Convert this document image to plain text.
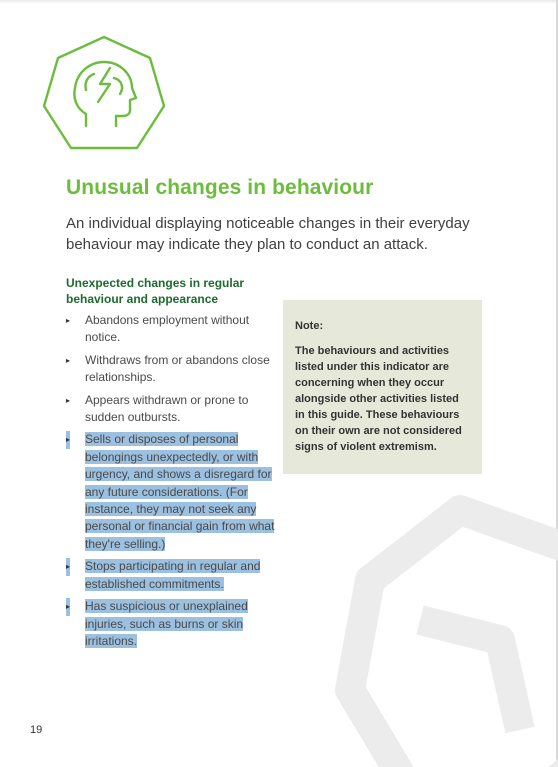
Unusual changes in behaviour

An individual displaying noticeable changes in their everyday behaviour may indicate they plan to conduct an attack.

Unexpected changes in regular behaviour and appearance
▸ Abandons employment without notice.
▸ Withdraws from or abandons close relationships.
▸ Appears withdrawn or prone to sudden outbursts.
▸ Sells or disposes of personal belongings unexpectedly, or with urgency, and shows a disregard for any future considerations. (For instance, they may not seek any personal or financial gain from what they're selling.)
▸ Stops participating in regular and established commitments.
▸ Has suspicious or unexplained injuries, such as burns or skin irritations.

Note:

The behaviours and activities listed under this indicator are concerning when they occur alongside other activities listed in this guide. These behaviours on their own are not considered signs of violent extremism.

19
